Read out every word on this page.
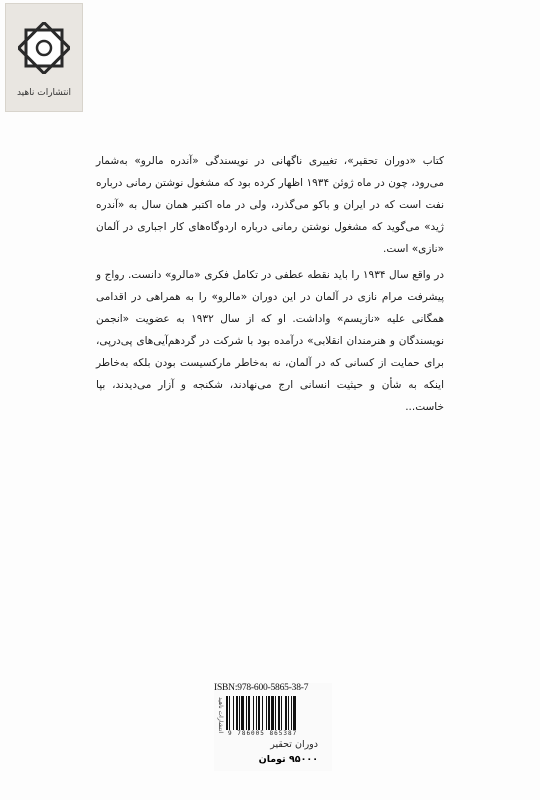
انتشارات ناهید

کتاب «دوران تحقیر»، تغییری ناگهانی در نویسندگی «آندره مالرو» به‌شمار می‌رود، چون در ماه ژوئن ۱۹۳۴ اظهار کرده بود که مشغول نوشتن رمانی درباره نفت است که در ایران و باکو می‌گذرد، ولی در ماه اکتبر همان سال به «آندره ژید» می‌گوید که مشغول نوشتن رمانی درباره اردوگاه‌های کار اجباری در آلمان «نازی» است.

در واقع سال ۱۹۳۴ را باید نقطه عطفی در تکامل فکری «مالرو» دانست. رواج و پیشرفت مرام نازی در آلمان در این دوران «مالرو» را به همراهی در اقدامی همگانی علیه «نازیسم» واداشت. او که از سال ۱۹۳۲ به عضویت «انجمن نویسندگان و هنرمندان انقلابی» درآمده بود با شرکت در گردهم‌آیی‌های پی‌درپی، برای حمایت از کسانی که در آلمان، نه به‌خاطر مارکسیست بودن بلکه به‌خاطر اینکه به شأن و حیثیت انسانی ارج می‌نهادند، شکنجه و آزار می‌دیدند، بپا خاست...

ISBN:978-600-5865-38-7
انتشارات ناهید
9 786005 865387
دوران تحقیر
۹۵۰۰۰ تومان
